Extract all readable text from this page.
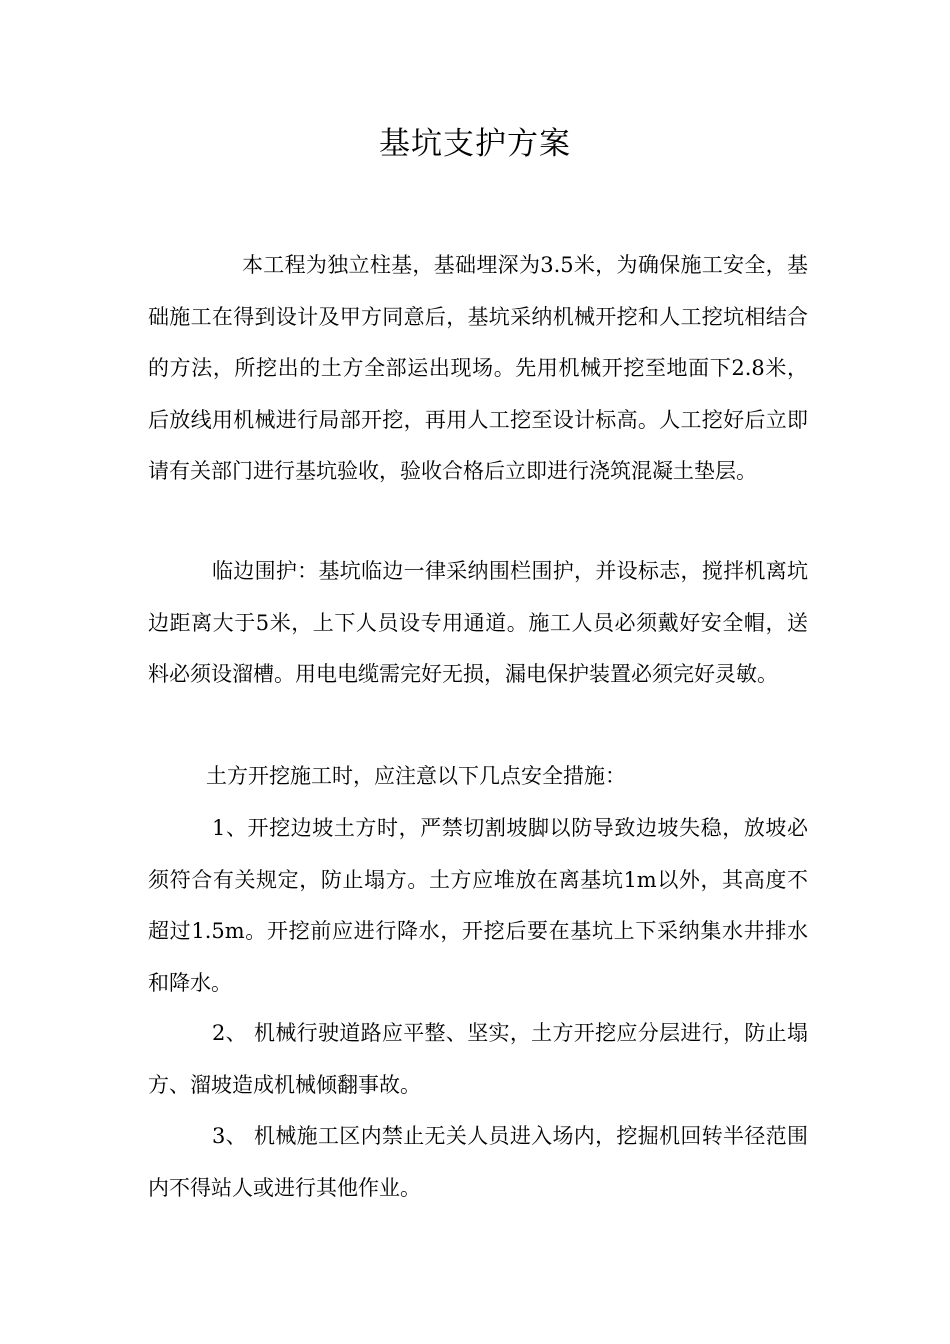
基坑支护方案

本工程为独立柱基，基础埋深为3.5米，为确保施工安全，基础施工在得到设计及甲方同意后，基坑采纳机械开挖和人工挖坑相结合的方法，所挖出的土方全部运出现场。先用机械开挖至地面下2.8米，后放线用机械进行局部开挖，再用人工挖至设计标高。人工挖好后立即请有关部门进行基坑验收，验收合格后立即进行浇筑混凝土垫层。

临边围护：基坑临边一律采纳围栏围护，并设标志，搅拌机离坑边距离大于5米，上下人员设专用通道。施工人员必须戴好安全帽，送料必须设溜槽。用电电缆需完好无损，漏电保护装置必须完好灵敏。

土方开挖施工时，应注意以下几点安全措施：

1、开挖边坡土方时，严禁切割坡脚以防导致边坡失稳，放坡必须符合有关规定，防止塌方。土方应堆放在离基坑1m以外，其高度不超过1.5m。开挖前应进行降水，开挖后要在基坑上下采纳集水井排水和降水。

2、 机械行驶道路应平整、坚实，土方开挖应分层进行，防止塌方、溜坡造成机械倾翻事故。

3、 机械施工区内禁止无关人员进入场内，挖掘机回转半径范围内不得站人或进行其他作业。
